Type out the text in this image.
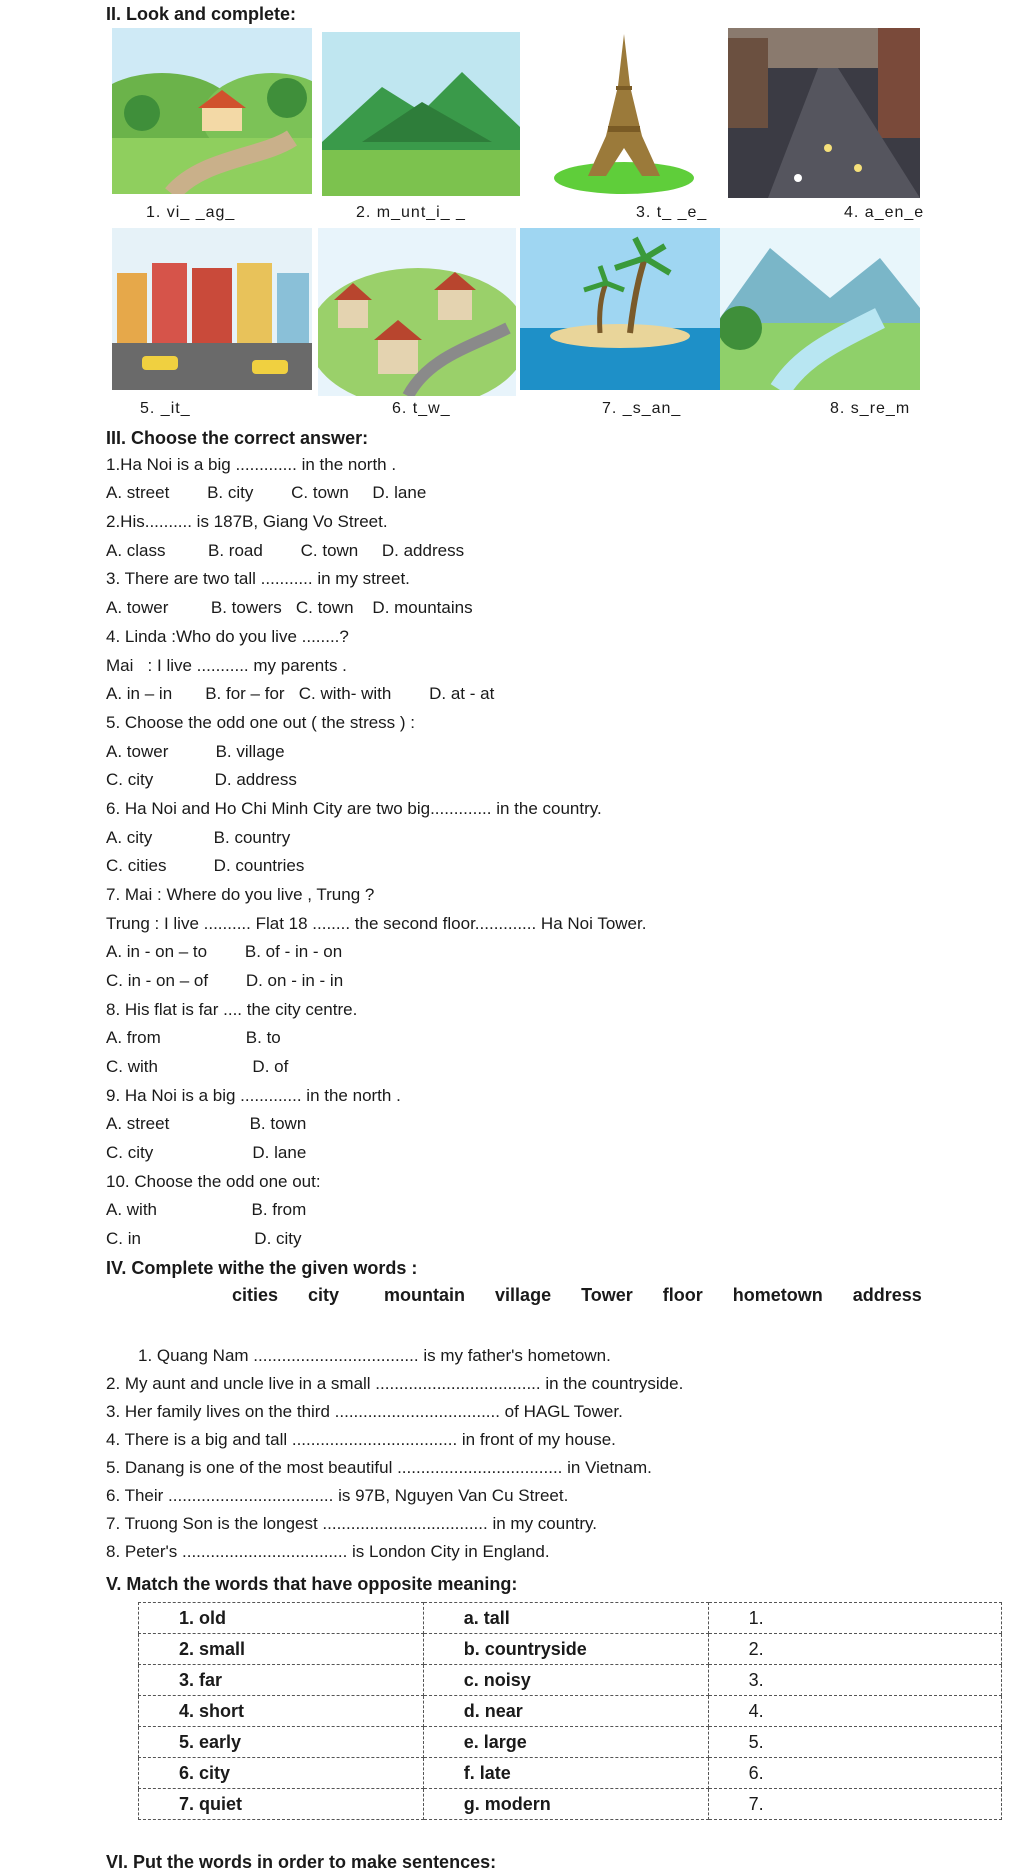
II. Look and complete:
1. vi_ _ag_	2. m_unt_i_ _	3. t_ _e_	4. a_en_e
5. _it_	6. t_w_	7. _s_an_	8. s_re_m
III. Choose the correct answer:
1.Ha Noi is a big ............. in the north .
A. street        B. city        C. town     D. lane
2.His.......... is 187B, Giang Vo Street.
A. class         B. road        C. town     D. address
3. There are two tall ........... in my street.
A. tower         B. towers   C. town    D. mountains
4. Linda :Who do you live ........?
Mai   : I live ........... my parents .
A. in – in       B. for – for   C. with- with        D. at - at
5. Choose the odd one out ( the stress ) :
A. tower          B. village
C. city             D. address
6. Ha Noi and Ho Chi Minh City are two big............. in the country.
A. city             B. country
C. cities          D. countries
7. Mai : Where do you live , Trung ?
Trung : I live .......... Flat 18 ........ the second floor............. Ha Noi Tower.
A. in - on – to        B. of - in - on
C. in - on – of        D. on - in - in
8. His flat is far .... the city centre.
A. from                  B. to
C. with                    D. of
9. Ha Noi is a big ............. in the north .
A. street                 B. town
C. city                     D. lane
10. Choose the odd one out:
A. with                    B. from
C. in                        D. city
IV. Complete withe the given words :
cities  city   mountain  village  Tower  floor  hometown  address
1. Quang Nam ................................... is my father's hometown.
2. My aunt and uncle live in a small ................................... in the countryside.
3. Her family lives on the third ................................... of HAGL Tower.
4. There is a big and tall ................................... in front of my house.
5. Danang is one of the most beautiful ................................... in Vietnam.
6. Their ................................... is 97B, Nguyen Van Cu Street.
7. Truong Son is the longest ................................... in my country.
8. Peter's ................................... is London City in England.
V. Match the words that have opposite meaning:
1. old	a. tall	1.
2. small	b. countryside	2.
3. far	c. noisy	3.
4. short	d. near	4.
5. early	e. large	5.
6. city	f. late	6.
7. quiet	g. modern	7.
VI. Put the words in order to make sentences:
